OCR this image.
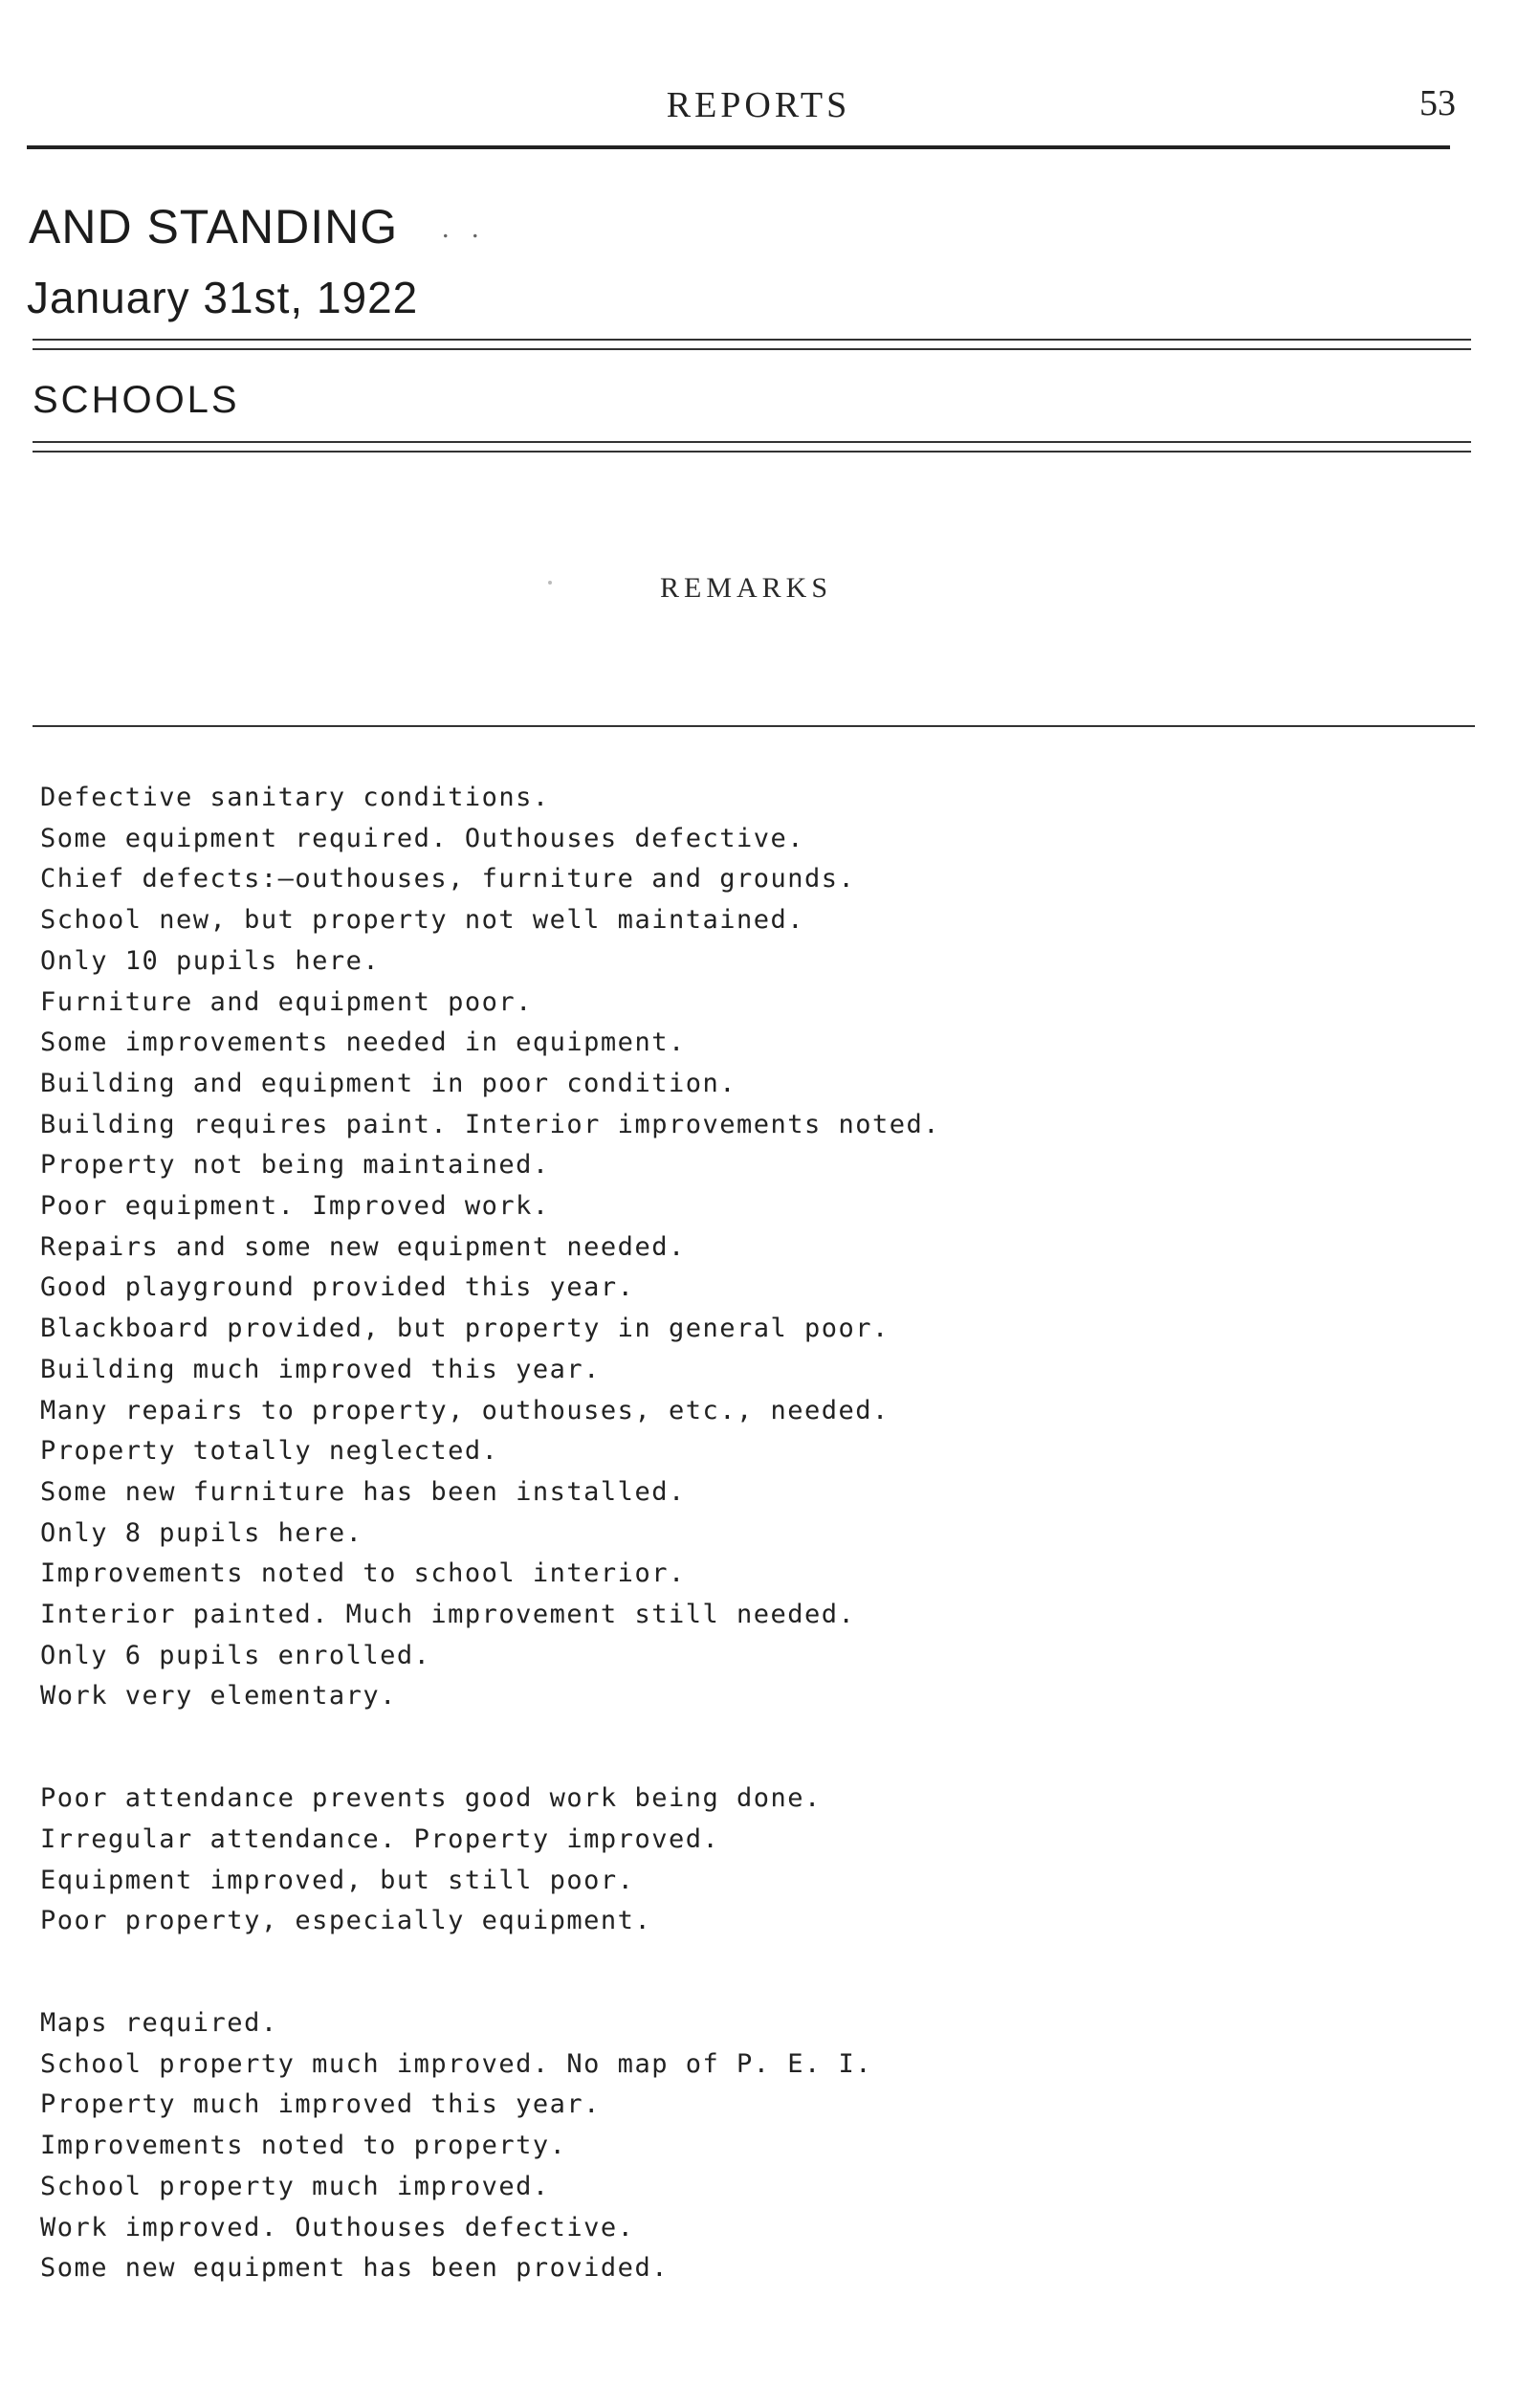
REPORTS	53
AND STANDING . .
January 31st, 1922
SCHOOLS
REMARKS
Defective sanitary conditions.
Some equipment required. Outhouses defective.
Chief defects:—outhouses, furniture and grounds.
School new, but property not well maintained.
Only 10 pupils here.
Furniture and equipment poor.
Some improvements needed in equipment.
Building and equipment in poor condition.
Building requires paint. Interior improvements noted.
Property not being maintained.
Poor equipment. Improved work.
Repairs and some new equipment needed.
Good playground provided this year.
Blackboard provided, but property in general poor.
Building much improved this year.
Many repairs to property, outhouses, etc., needed.
Property totally neglected.
Some new furniture has been installed.
Only 8 pupils here.
Improvements noted to school interior.
Interior painted. Much improvement still needed.
Only 6 pupils enrolled.
Work very elementary.
Poor attendance prevents good work being done.
Irregular attendance. Property improved.
Equipment improved, but still poor.
Poor property, especially equipment.
Maps required.
School property much improved. No map of P. E. I.
Property much improved this year.
Improvements noted to property.
School property much improved.
Work improved. Outhouses defective.
Some new equipment has been provided.
